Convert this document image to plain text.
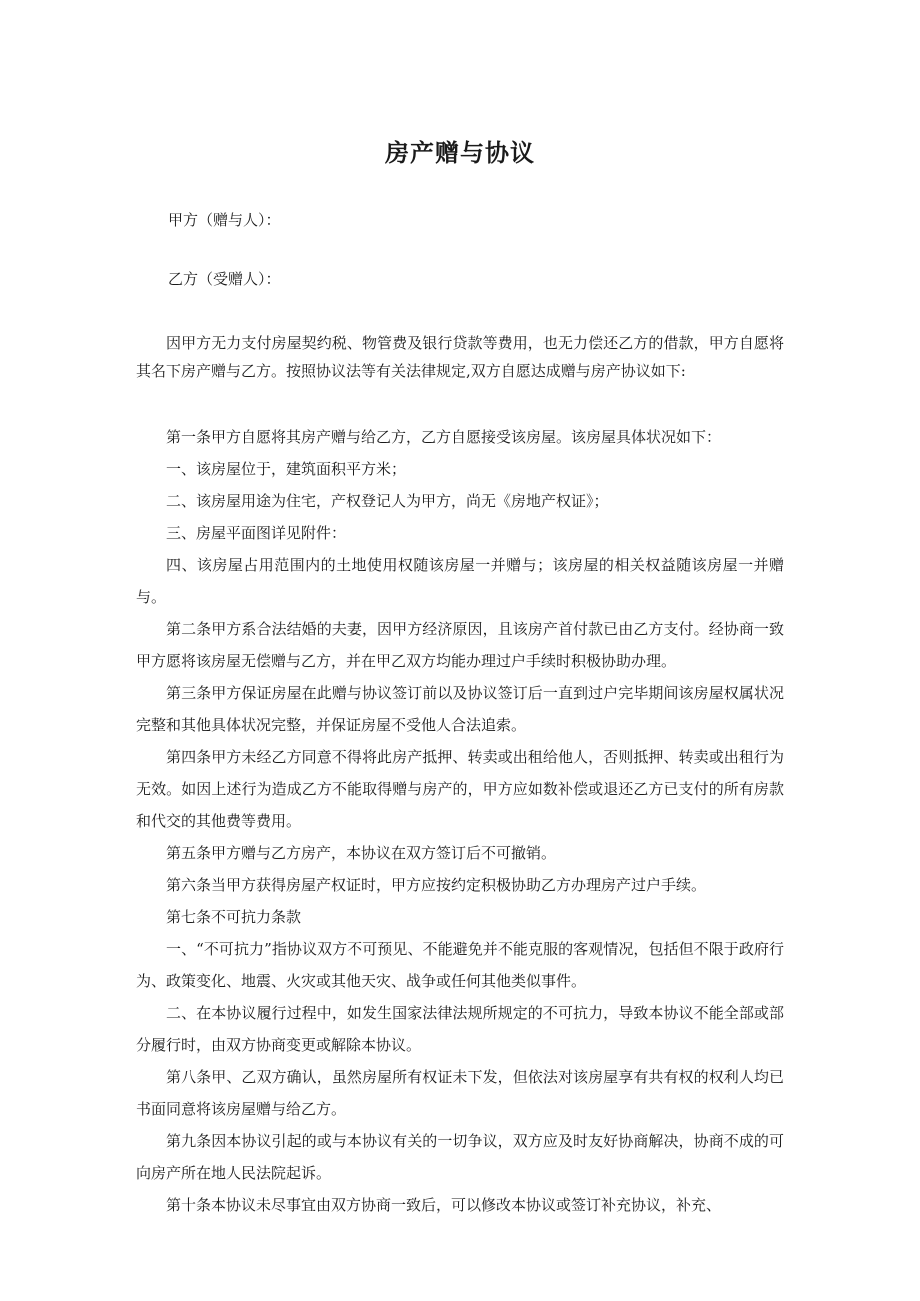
房产赠与协议

甲方（赠与人）：

乙方（受赠人）：

因甲方无力支付房屋契约税、物管费及银行贷款等费用，也无力偿还乙方的借款，甲方自愿将其名下房产赠与乙方。按照协议法等有关法律规定,双方自愿达成赠与房产协议如下:

第一条甲方自愿将其房产赠与给乙方，乙方自愿接受该房屋。该房屋具体状况如下：

一、该房屋位于，建筑面积平方米；

二、该房屋用途为住宅，产权登记人为甲方，尚无《房地产权证》；

三、房屋平面图详见附件：

四、该房屋占用范围内的土地使用权随该房屋一并赠与；该房屋的相关权益随该房屋一并赠与。

第二条甲方系合法结婚的夫妻，因甲方经济原因，且该房产首付款已由乙方支付。经协商一致甲方愿将该房屋无偿赠与乙方，并在甲乙双方均能办理过户手续时积极协助办理。

第三条甲方保证房屋在此赠与协议签订前以及协议签订后一直到过户完毕期间该房屋权属状况完整和其他具体状况完整，并保证房屋不受他人合法追索。

第四条甲方未经乙方同意不得将此房产抵押、转卖或出租给他人，否则抵押、转卖或出租行为无效。如因上述行为造成乙方不能取得赠与房产的，甲方应如数补偿或退还乙方已支付的所有房款和代交的其他费等费用。

第五条甲方赠与乙方房产，本协议在双方签订后不可撤销。

第六条当甲方获得房屋产权证时，甲方应按约定积极协助乙方办理房产过户手续。

第七条不可抗力条款

一、“不可抗力”指协议双方不可预见、不能避免并不能克服的客观情况，包括但不限于政府行为、政策变化、地震、火灾或其他天灾、战争或任何其他类似事件。

二、在本协议履行过程中，如发生国家法律法规所规定的不可抗力，导致本协议不能全部或部分履行时，由双方协商变更或解除本协议。

第八条甲、乙双方确认，虽然房屋所有权证未下发，但依法对该房屋享有共有权的权利人均已书面同意将该房屋赠与给乙方。

第九条因本协议引起的或与本协议有关的一切争议，双方应及时友好协商解决，协商不成的可向房产所在地人民法院起诉。

第十条本协议未尽事宜由双方协商一致后，可以修改本协议或签订补充协议，补充、
